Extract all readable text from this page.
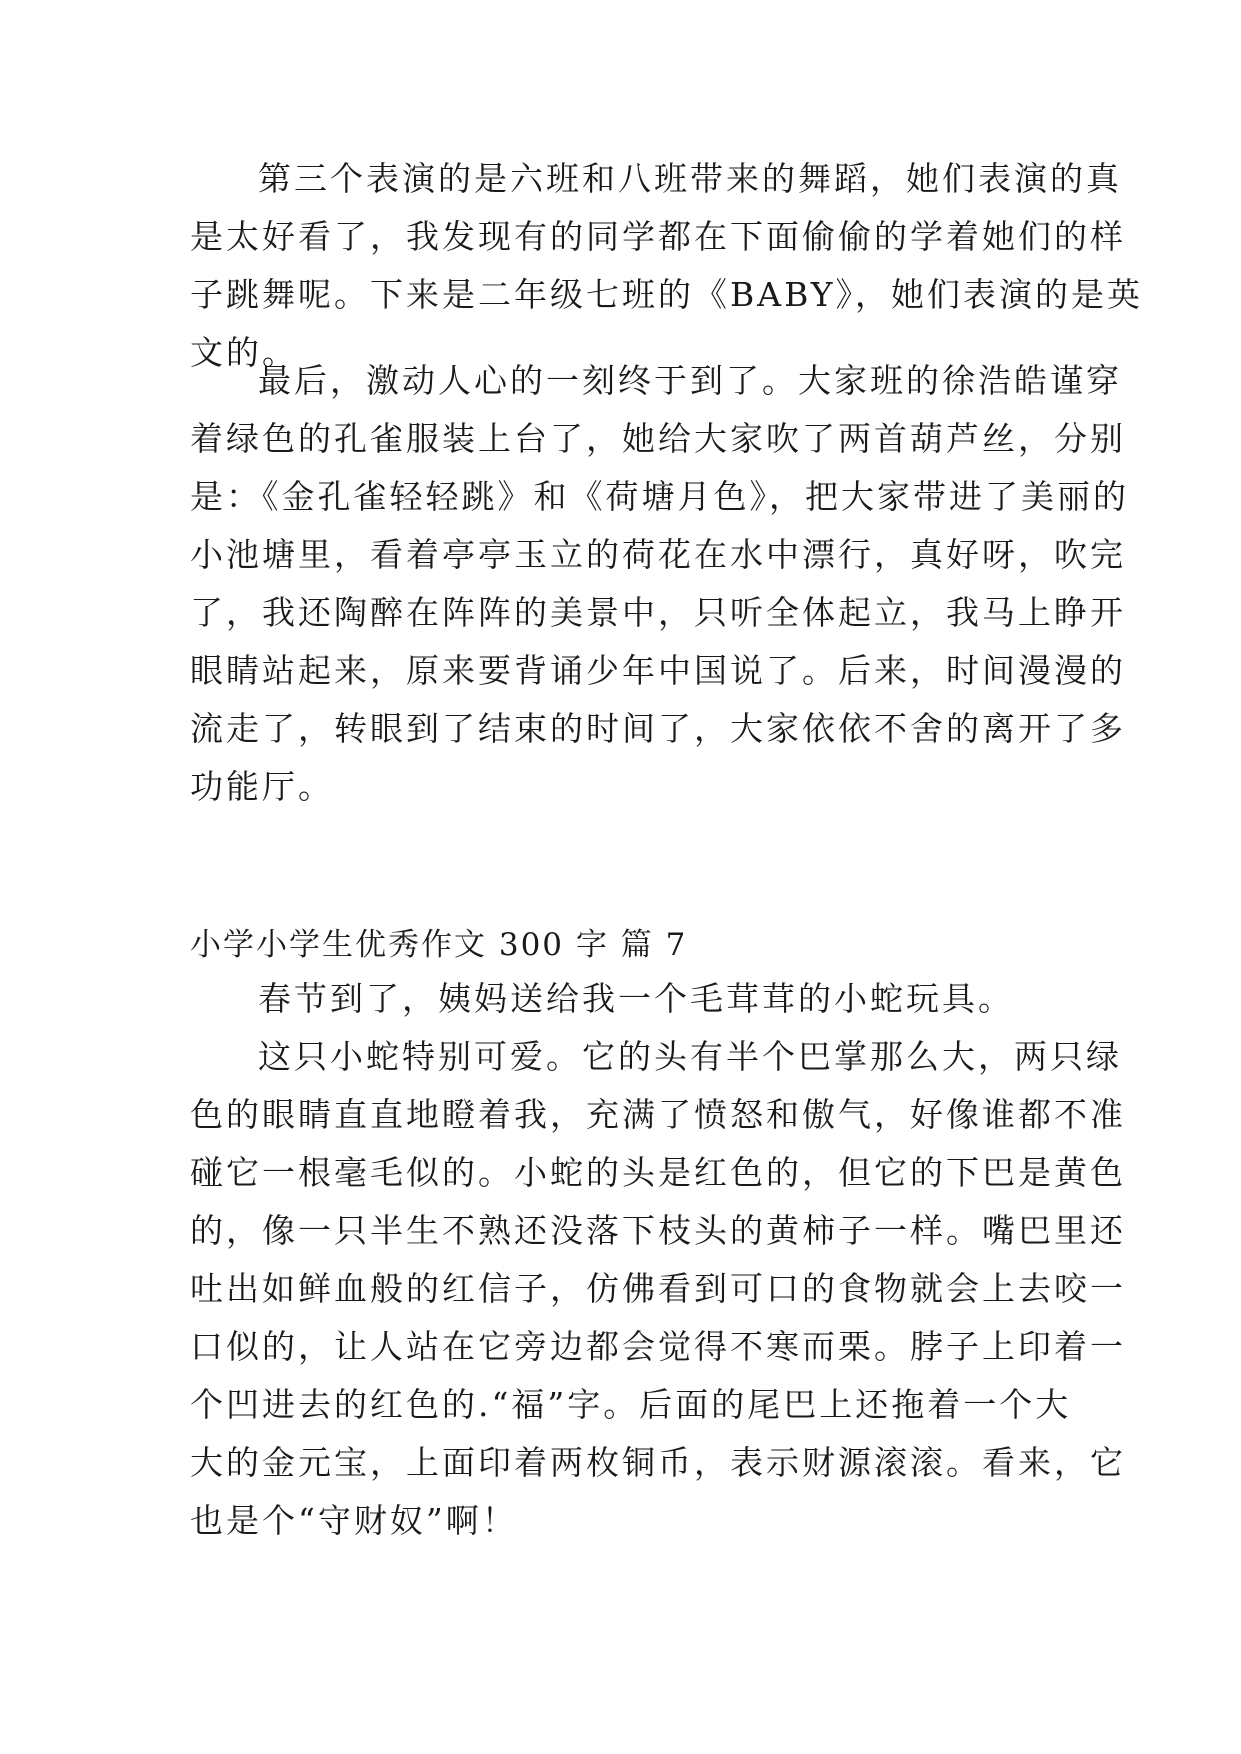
第三个表演的是六班和八班带来的舞蹈，她们表演的真
是太好看了，我发现有的同学都在下面偷偷的学着她们的样
子跳舞呢。下来是二年级七班的《BABY》，她们表演的是英
文的。
最后，激动人心的一刻终于到了。大家班的徐浩皓谨穿
着绿色的孔雀服装上台了，她给大家吹了两首葫芦丝，分别
是：《金孔雀轻轻跳》和《荷塘月色》，把大家带进了美丽的
小池塘里，看着亭亭玉立的荷花在水中漂行，真好呀，吹完
了，我还陶醉在阵阵的美景中，只听全体起立，我马上睁开
眼睛站起来，原来要背诵少年中国说了。后来，时间漫漫的
流走了，转眼到了结束的时间了，大家依依不舍的离开了多
功能厅。
小学小学生优秀作文 300 字 篇 7
春节到了，姨妈送给我一个毛茸茸的小蛇玩具。
这只小蛇特别可爱。它的头有半个巴掌那么大，两只绿
色的眼睛直直地瞪着我，充满了愤怒和傲气，好像谁都不准
碰它一根毫毛似的。小蛇的头是红色的，但它的下巴是黄色
的，像一只半生不熟还没落下枝头的黄柿子一样。嘴巴里还
吐出如鲜血般的红信子，仿佛看到可口的食物就会上去咬一
口似的，让人站在它旁边都会觉得不寒而栗。脖子上印着一
个凹进去的红色的.“福”字。后面的尾巴上还拖着一个大
大的金元宝，上面印着两枚铜币，表示财源滚滚。看来，它
也是个“守财奴”啊！
